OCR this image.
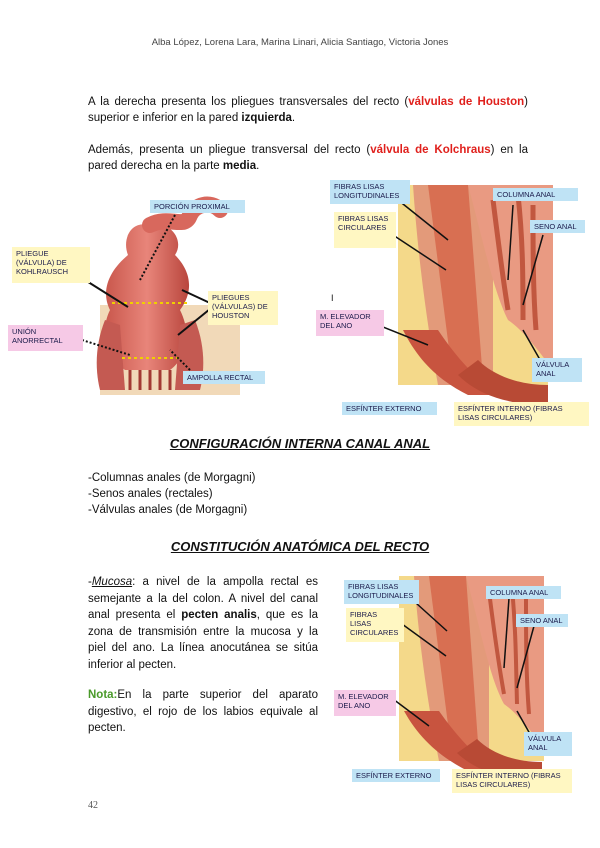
Alba López, Lorena Lara, Marina Linari, Alicia Santiago, Victoria Jones
A la derecha presenta los pliegues transversales del recto (válvulas de Houston) superior e inferior en la pared izquierda.
Además, presenta un pliegue transversal del recto (válvula de Kolchraus) en la pared derecha en la parte media.
PORCIÓN PROXIMAL
PLIEGUE (VÁLVULA) DE KOHLRAUSCH
PLIEGUES (VÁLVULAS) DE HOUSTON
UNIÓN ANORRECTAL
AMPOLLA RECTAL
FIBRAS LISAS LONGITUDINALES
FIBRAS LISAS CIRCULARES
COLUMNA ANAL
SENO ANAL
I
M. ELEVADOR DEL ANO
VÁLVULA ANAL
ESFÍNTER EXTERNO	ESFÍNTER INTERNO (FIBRAS LISAS CIRCULARES)
CONFIGURACIÓN INTERNA CANAL ANAL
-Columnas anales (de Morgagni)
-Senos anales (rectales)
-Válvulas anales (de Morgagni)
CONSTITUCIÓN ANATÓMICA DEL RECTO
-Mucosa: a nivel de la ampolla rectal es semejante a la del colon. A nivel del canal anal presenta el pecten analis, que es la zona de transmisión entre la mucosa y la piel del ano. La línea anocutánea se sitúa inferior al pecten.
Nota:En la parte superior del aparato digestivo, el rojo de los labios equivale al pecten.
FIBRAS LISAS LONGITUDINALES
FIBRAS LISAS CIRCULARES
COLUMNA ANAL
SENO ANAL
M. ELEVADOR DEL ANO
VÁLVULA ANAL
ESFÍNTER EXTERNO	ESFÍNTER INTERNO (FIBRAS LISAS CIRCULARES)
42
